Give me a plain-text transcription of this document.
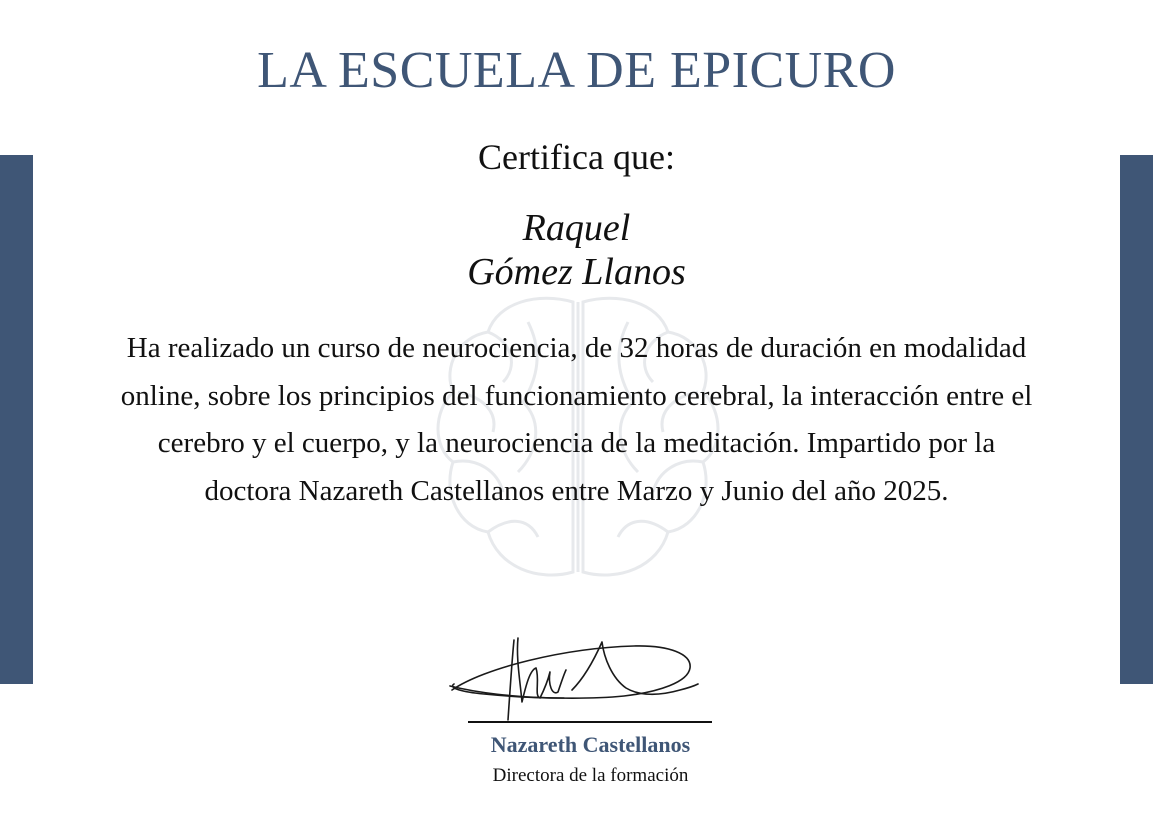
LA ESCUELA DE EPICURO
Certifica que:
Raquel
Gómez Llanos
Ha realizado un curso de neurociencia, de 32 horas de duración en modalidad online, sobre los principios del funcionamiento cerebral, la interacción entre el cerebro y el cuerpo, y la neurociencia de la meditación. Impartido por la doctora Nazareth Castellanos entre Marzo y Junio del año 2025.
Nazareth Castellanos
Directora de la formación
